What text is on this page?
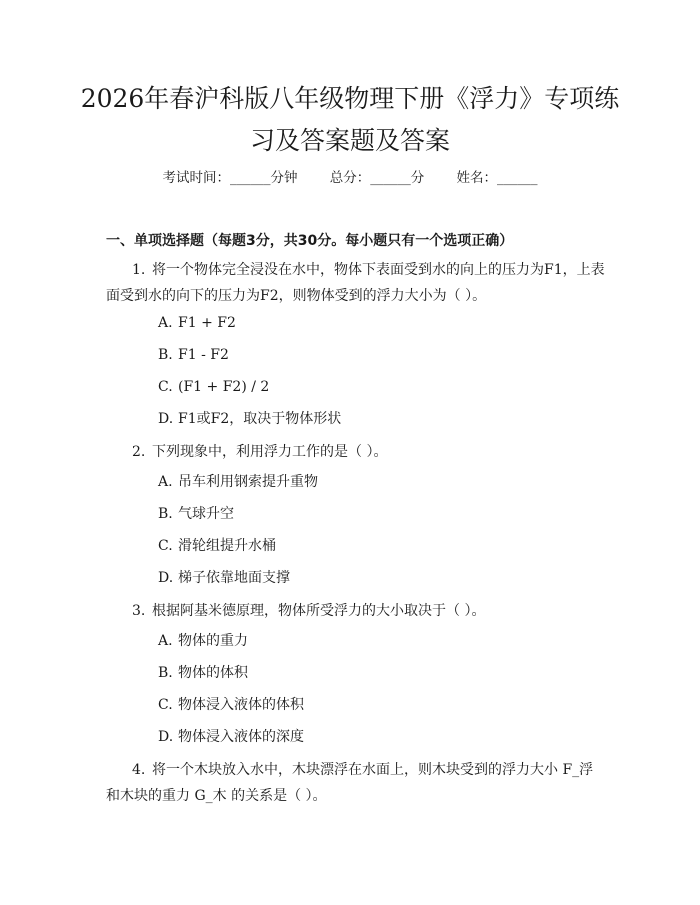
2026年春沪科版八年级物理下册《浮力》专项练习及答案题及答案
考试时间：______分钟 总分：______分 姓名：______
一、单项选择题（每题3分，共30分。每小题只有一个选项正确）
1. 将一个物体完全浸没在水中，物体下表面受到水的向上的压力为F1，上表面受到水的向下的压力为F2，则物体受到的浮力大小为（ ）。
A. F1 + F2
B. F1 - F2
C. (F1 + F2) / 2
D. F1或F2，取决于物体形状
2. 下列现象中，利用浮力工作的是（ ）。
A. 吊车利用钢索提升重物
B. 气球升空
C. 滑轮组提升水桶
D. 梯子依靠地面支撑
3. 根据阿基米德原理，物体所受浮力的大小取决于（ ）。
A. 物体的重力
B. 物体的体积
C. 物体浸入液体的体积
D. 物体浸入液体的深度
4. 将一个木块放入水中，木块漂浮在水面上，则木块受到的浮力大小 F_浮 和木块的重力 G_木 的关系是（ ）。
